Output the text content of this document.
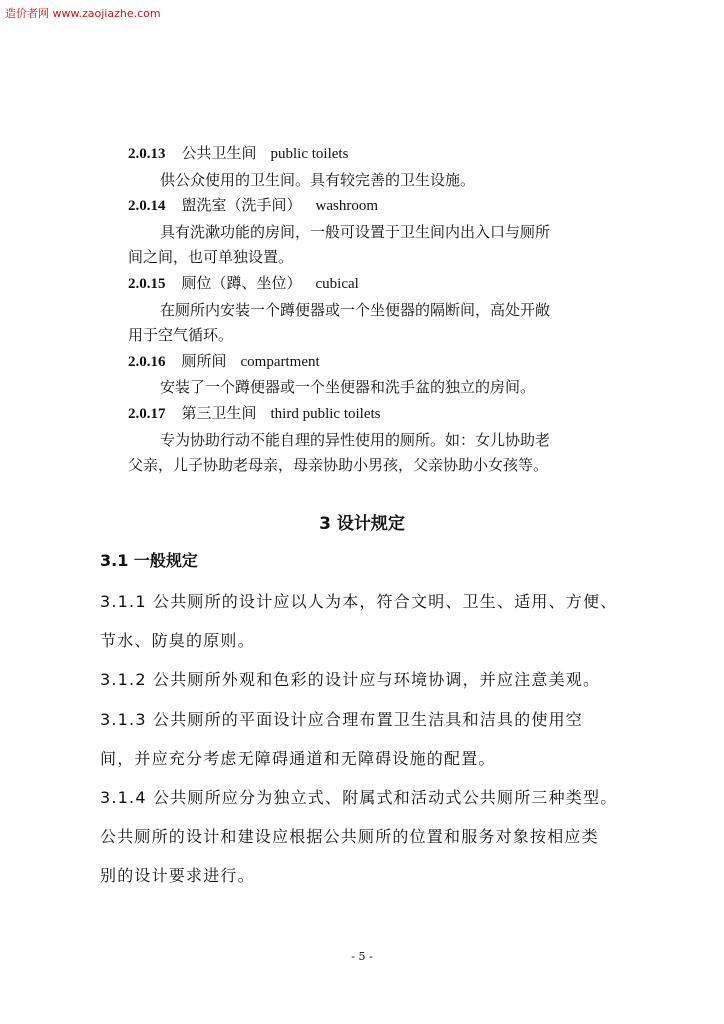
造价者网 www.zaojiazhe.com
2.0.13 公共卫生间 public toilets
供公众使用的卫生间。具有较完善的卫生设施。
2.0.14 盥洗室（洗手间） washroom
具有洗漱功能的房间，一般可设置于卫生间内出入口与厕所
间之间，也可单独设置。
2.0.15 厕位（蹲、坐位） cubical
在厕所内安装一个蹲便器或一个坐便器的隔断间，高处开敞
用于空气循环。
2.0.16 厕所间 compartment
安装了一个蹲便器或一个坐便器和洗手盆的独立的房间。
2.0.17 第三卫生间 third public toilets
专为协助行动不能自理的异性使用的厕所。如：女儿协助老
父亲，儿子协助老母亲，母亲协助小男孩，父亲协助小女孩等。
3 设计规定
3.1 一般规定
3.1.1 公共厕所的设计应以人为本，符合文明、卫生、适用、方便、
节水、防臭的原则。
3.1.2 公共厕所外观和色彩的设计应与环境协调，并应注意美观。
3.1.3 公共厕所的平面设计应合理布置卫生洁具和洁具的使用空
间，并应充分考虑无障碍通道和无障碍设施的配置。
3.1.4 公共厕所应分为独立式、附属式和活动式公共厕所三种类型。
公共厕所的设计和建设应根据公共厕所的位置和服务对象按相应类
别的设计要求进行。
- 5 -
